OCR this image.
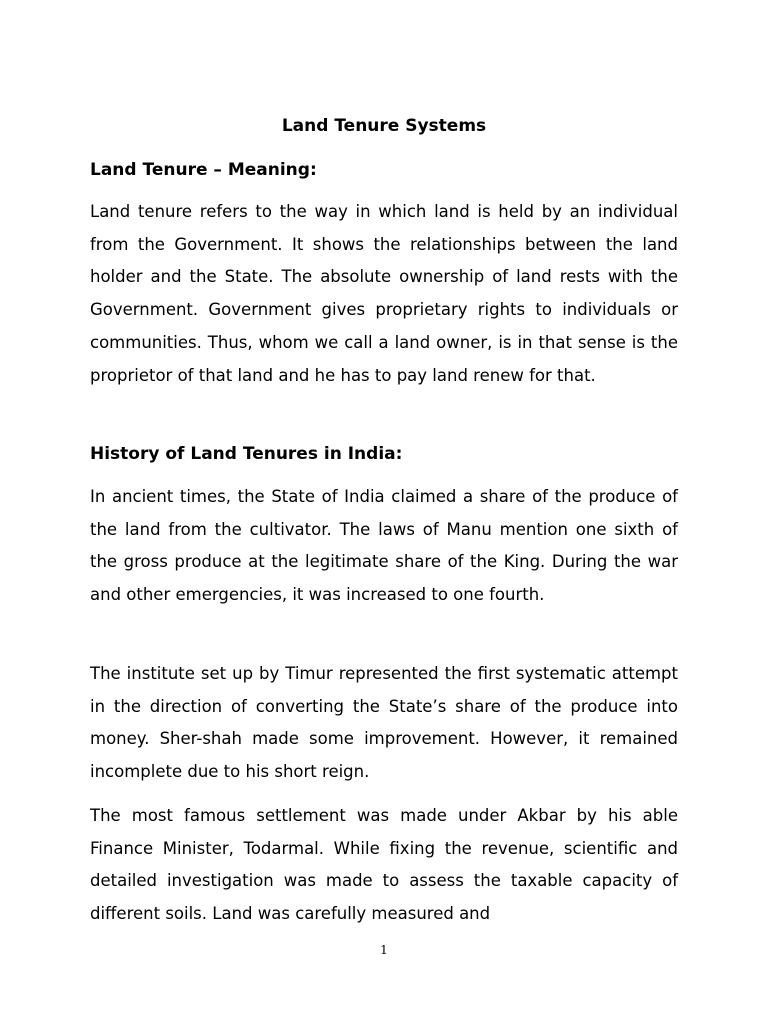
Land Tenure Systems
Land Tenure – Meaning:

Land tenure refers to the way in which land is held by an individual from the Government. It shows the relationships between the land holder and the State. The absolute ownership of land rests with the Government. Government gives proprietary rights to individuals or communities. Thus, whom we call a land owner, is in that sense is the proprietor of that land and he has to pay land renew for that.

History of Land Tenures in India:

In ancient times, the State of India claimed a share of the produce of the land from the cultivator. The laws of Manu mention one sixth of the gross produce at the legitimate share of the King. During the war and other emergencies, it was increased to one fourth.

The institute set up by Timur represented the first systematic attempt in the direction of converting the State’s share of the produce into money. Sher-shah made some improvement. However, it remained incomplete due to his short reign.

The most famous settlement was made under Akbar by his able Finance Minister, Todarmal. While fixing the revenue, scientific and detailed investigation was made to assess the taxable capacity of different soils. Land was carefully measured and

1
